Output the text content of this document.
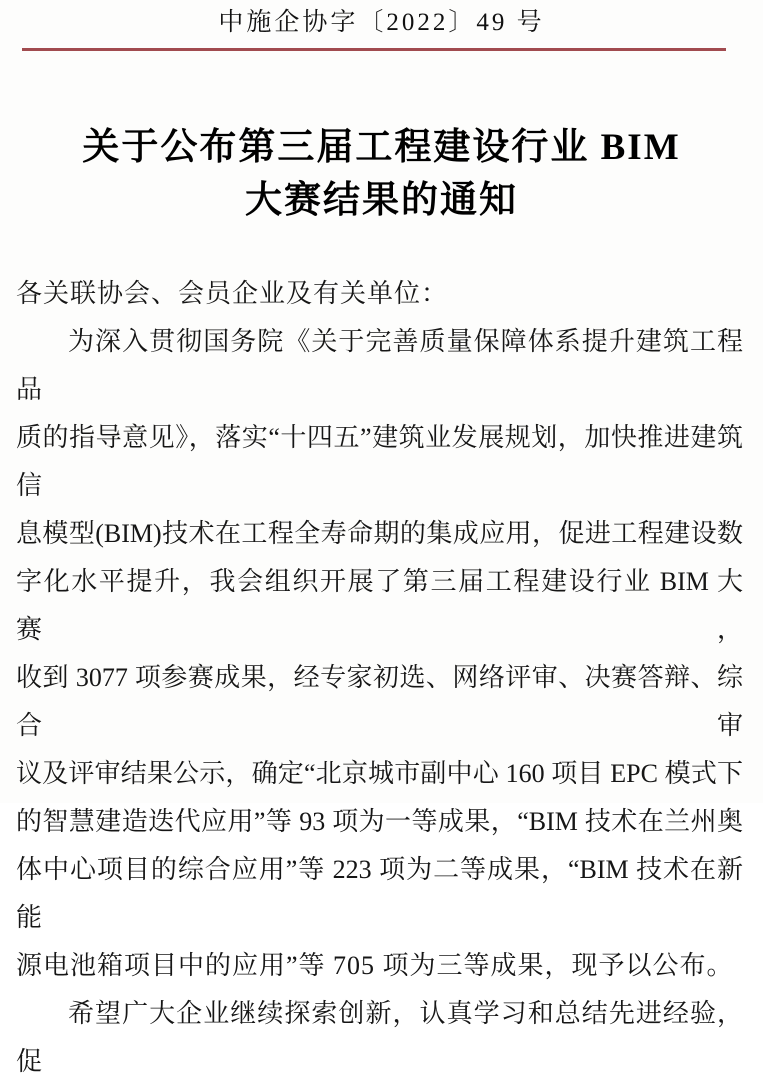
中施企协字〔2022〕49 号
关于公布第三届工程建设行业 BIM
大赛结果的通知
各关联协会、会员企业及有关单位：
为深入贯彻国务院《关于完善质量保障体系提升建筑工程品
质的指导意见》，落实“十四五”建筑业发展规划，加快推进建筑信
息模型(BIM)技术在工程全寿命期的集成应用，促进工程建设数
字化水平提升，我会组织开展了第三届工程建设行业 BIM 大赛，
收到 3077 项参赛成果，经专家初选、网络评审、决赛答辩、综合审
议及评审结果公示，确定“北京城市副中心 160 项目 EPC 模式下
的智慧建造迭代应用”等 93 项为一等成果，“BIM 技术在兰州奥
体中心项目的综合应用”等 223 项为二等成果，“BIM 技术在新能
源电池箱项目中的应用”等 705 项为三等成果，现予以公布。
希望广大企业继续探索创新，认真学习和总结先进经验，促
